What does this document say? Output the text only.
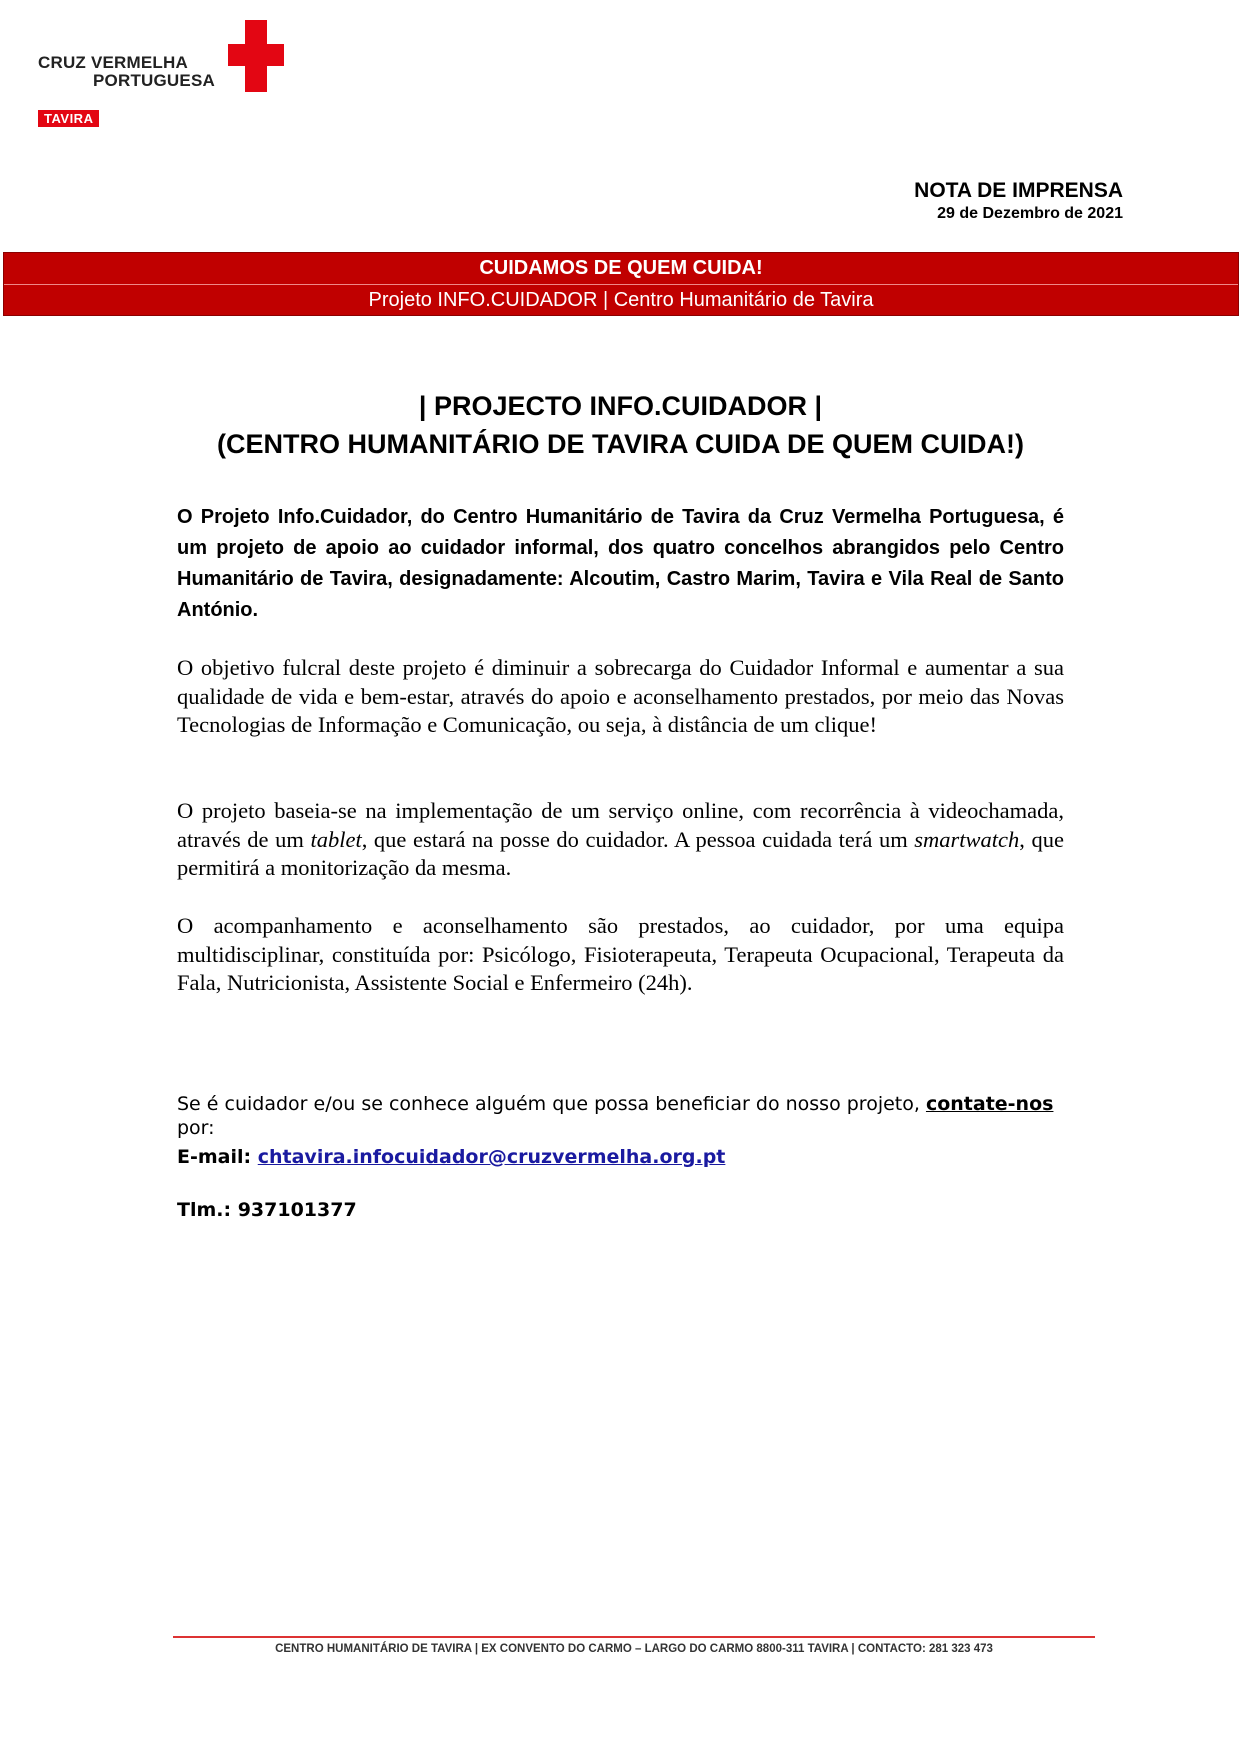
CRUZ VERMELHA
PORTUGUESA
TAVIRA
NOTA DE IMPRENSA
29 de Dezembro de 2021
CUIDAMOS DE QUEM CUIDA!
Projeto INFO.CUIDADOR | Centro Humanitário de Tavira
| PROJECTO INFO.CUIDADOR |
(CENTRO HUMANITÁRIO DE TAVIRA CUIDA DE QUEM CUIDA!)
O Projeto Info.Cuidador, do Centro Humanitário de Tavira da Cruz Vermelha Portuguesa, é um projeto de apoio ao cuidador informal, dos quatro concelhos abrangidos pelo Centro Humanitário de Tavira, designadamente: Alcoutim, Castro Marim, Tavira e Vila Real de Santo António.
O objetivo fulcral deste projeto é diminuir a sobrecarga do Cuidador Informal e aumentar a sua qualidade de vida e bem-estar, através do apoio e aconselhamento prestados, por meio das Novas Tecnologias de Informação e Comunicação, ou seja, à distância de um clique!
O projeto baseia-se na implementação de um serviço online, com recorrência à videochamada, através de um tablet, que estará na posse do cuidador. A pessoa cuidada terá um smartwatch, que permitirá a monitorização da mesma.
O acompanhamento e aconselhamento são prestados, ao cuidador, por uma equipa multidisciplinar, constituída por: Psicólogo, Fisioterapeuta, Terapeuta Ocupacional, Terapeuta da Fala, Nutricionista, Assistente Social e Enfermeiro (24h).
Se é cuidador e/ou se conhece alguém que possa beneficiar do nosso projeto, contate-nos por:
E-mail: chtavira.infocuidador@cruzvermelha.org.pt
Tlm.: 937101377
CENTRO HUMANITÁRIO DE TAVIRA | EX CONVENTO DO CARMO – LARGO DO CARMO 8800-311 TAVIRA | CONTACTO: 281 323 473
